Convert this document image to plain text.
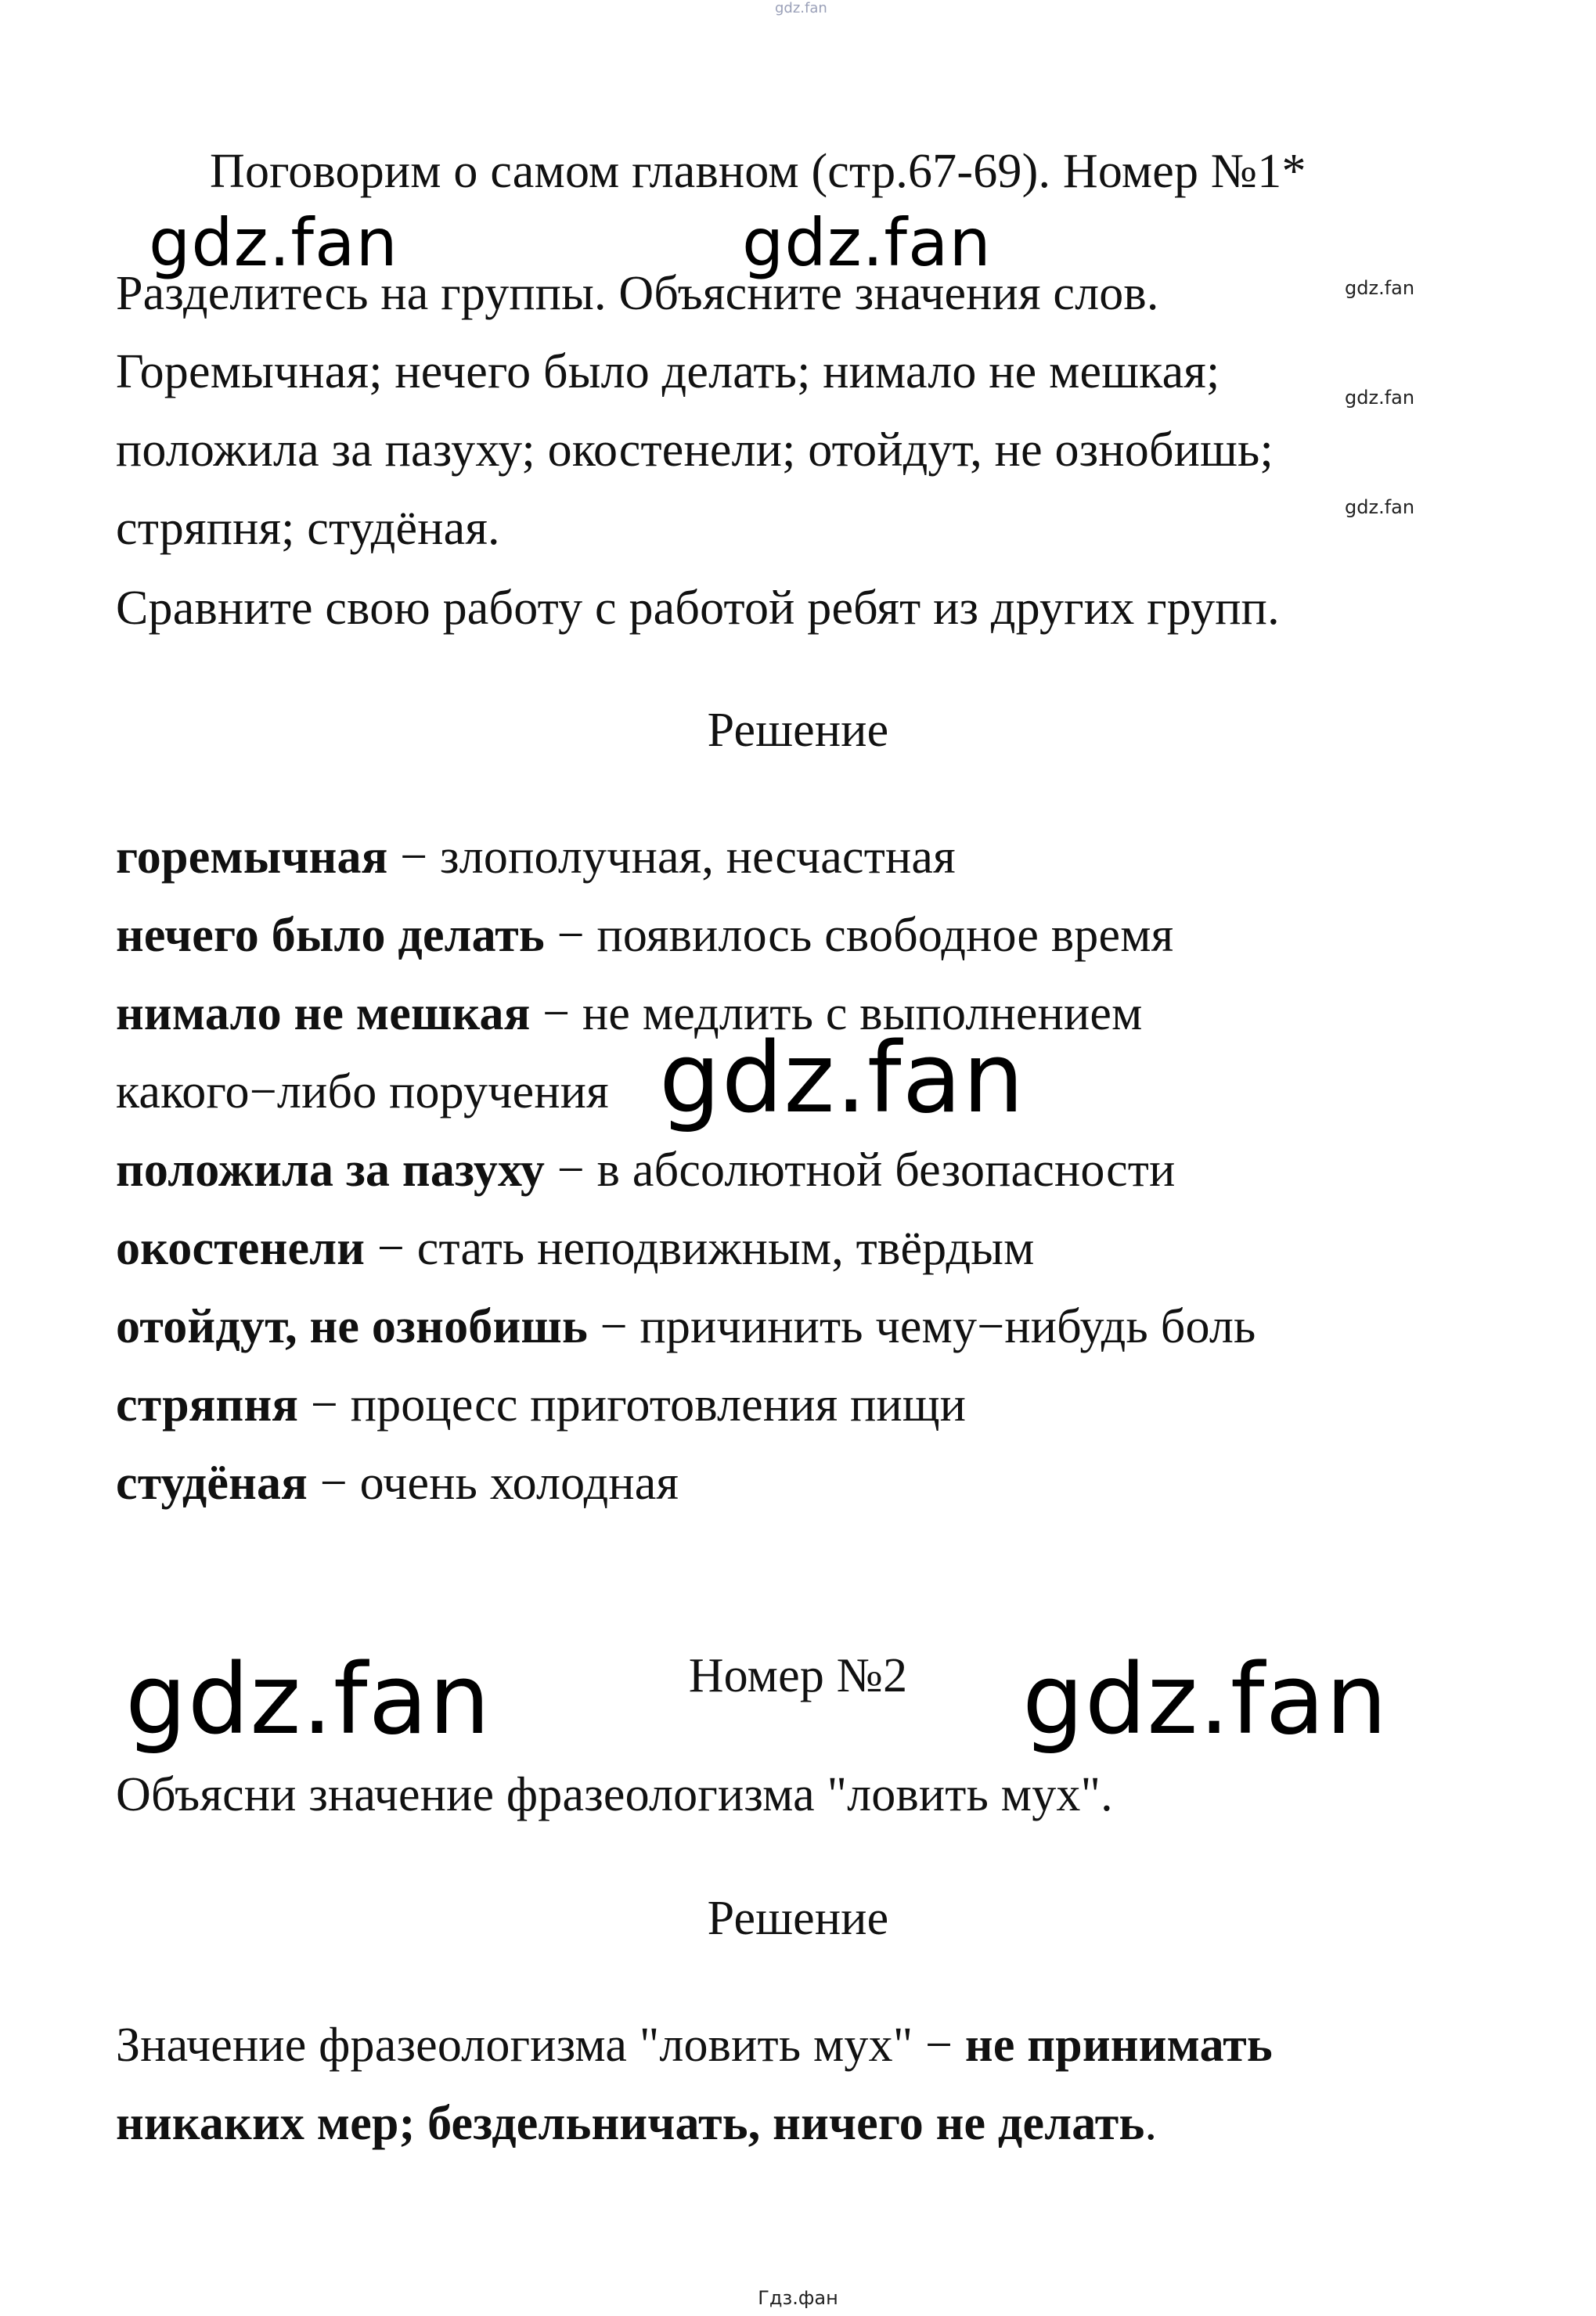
gdz.fan
Поговорим о самом главном (стр.67-69). Номер №1*
gdz.fan	gdz.fan
Разделитесь на группы. Объясните значения слов.	gdz.fan
Горемычная; нечего было делать; нимало не мешкая;	gdz.fan
положила за пазуху; окостенели; отойдут, не ознобишь;
стряпня; студёная.	gdz.fan
Сравните свою работу с работой ребят из других групп.
Решение
горемычная − злополучная, несчастная
нечего было делать − появилось свободное время
нимало не мешкая − не медлить с выполнением
какого−либо поручения gdz.fan
положила за пазуху − в абсолютной безопасности
окостенели − стать неподвижным, твёрдым
отойдут, не ознобишь − причинить чему−нибудь боль
стряпня − процесс приготовления пищи
студёная − очень холодная
gdz.fan	Номер №2	gdz.fan
Объясни значение фразеологизма "ловить мух".
Решение
Значение фразеологизма "ловить мух" − не принимать
никаких мер; бездельничать, ничего не делать.
Гдз.фан
